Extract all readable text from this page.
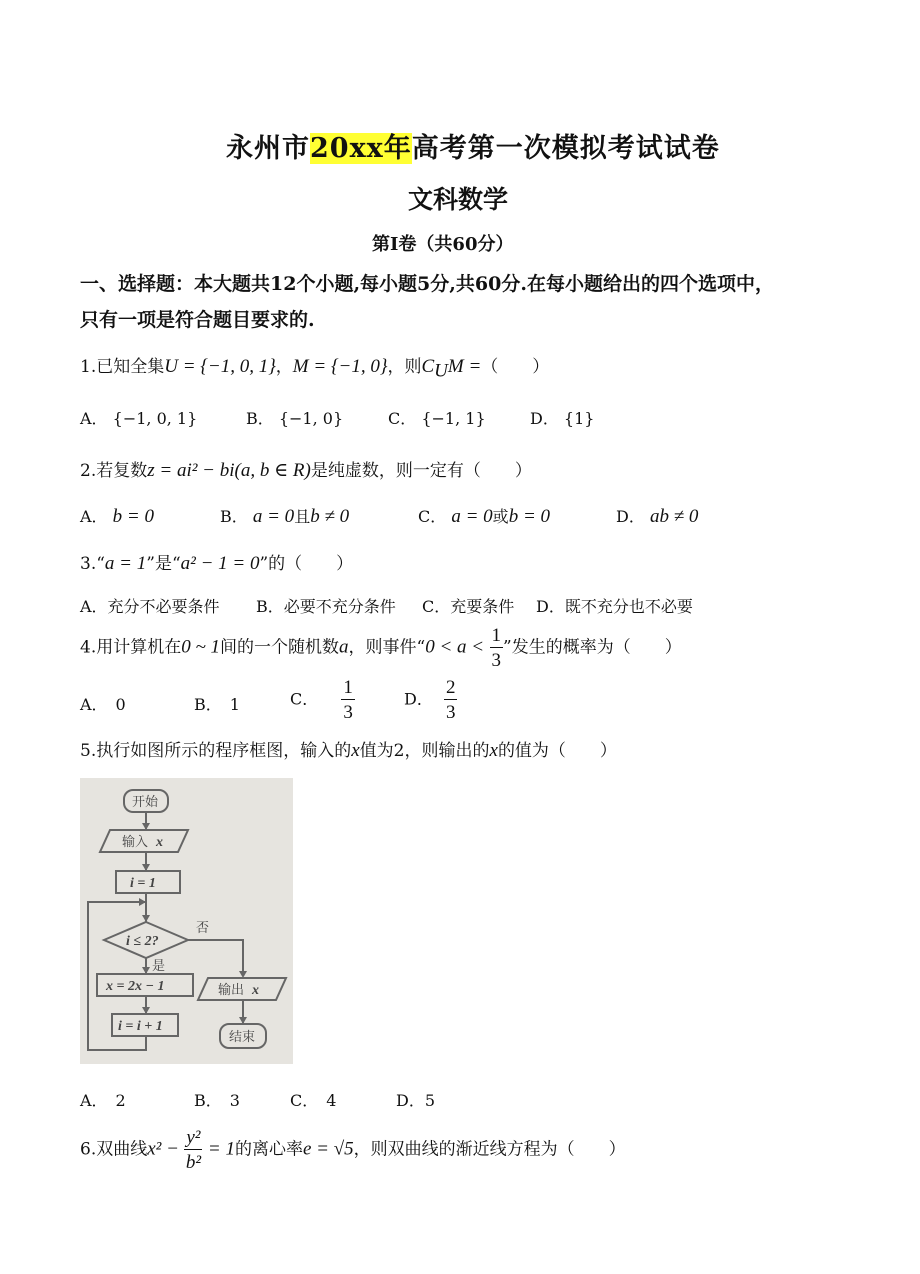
永州市20xx年高考第一次模拟考试试卷
文科数学
第Ⅰ卷（共60分）
一、选择题：本大题共12个小题,每小题5分,共60分.在每小题给出的四个选项中，
只有一项是符合题目要求的.
1.已知全集U = {−1, 0, 1}，M = {−1, 0}，则$C_UM$ =（　　）
A． {−1, 0, 1}	B． {−1, 0}	C． {−1, 1}	D． {1}
2.若复数z = ai² − bi(a, b ∈ R)是纯虚数，则一定有（　　）
A． b = 0	B． a = 0且b ≠ 0	C． a = 0或b = 0	D． ab ≠ 0
3.“a = 1”是“a² − 1 = 0”的（　　）
A．充分不必要条件 B．必要不充分条件 C．充要条件 D．既不充分也不必要
4.用计算机在0 ~ 1间的一个随机数a，则事件“$0 < a < \frac{1}{3}$ ”发生的概率为（　　）
A．　0	B．　1	C． $\frac{1}{3}$	D． $\frac{2}{3}$
5.执行如图所示的程序框图，输入的x值为2，则输出的x的值为（　　）
开始
输入 x
i = 1
i ≤ 2?
否
是
x = 2x − 1
i = i + 1
输出 x
结束
A．　2	B．　3	C．　4	D．5
6.双曲线$x^2 - \frac{\text{y²}}{\text{b²}} = 1$的离心率e = √5，则双曲线的渐近线方程为（　　）
